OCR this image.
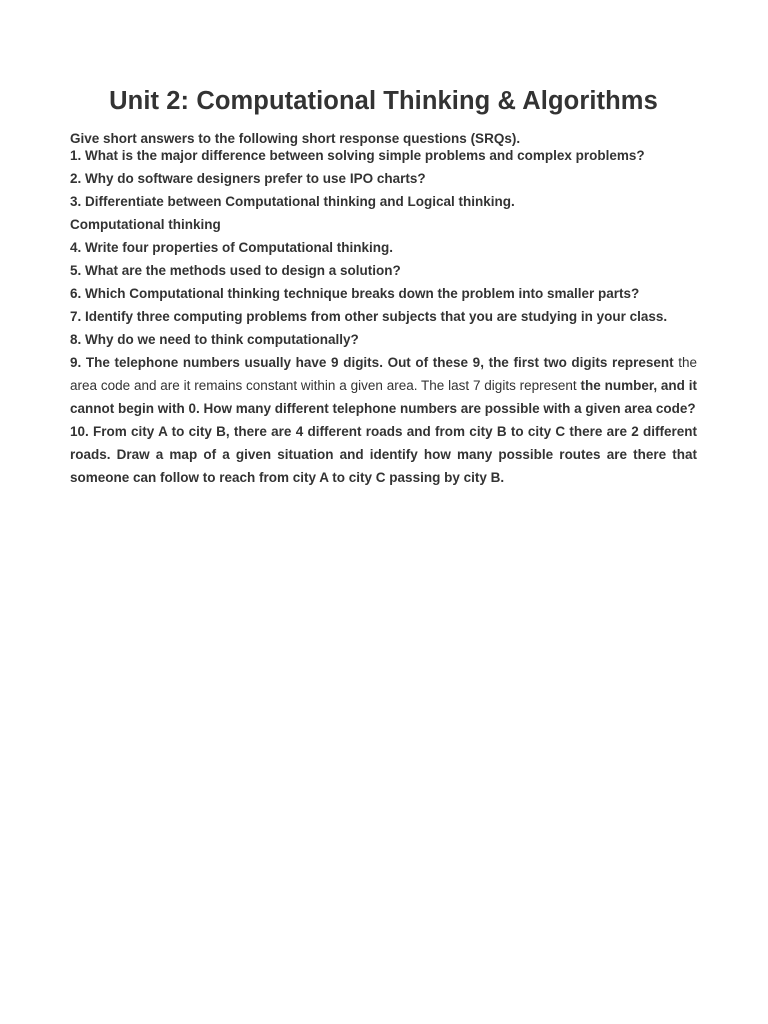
Unit 2: Computational Thinking & Algorithms
Give short answers to the following short response questions (SRQs).
1. What is the major difference between solving simple problems and complex problems?
2. Why do software designers prefer to use IPO charts?
3. Differentiate between Computational thinking and Logical thinking.
Computational thinking
4. Write four properties of Computational thinking.
5. What are the methods used to design a solution?
6. Which Computational thinking technique breaks down the problem into smaller parts?
7. Identify three computing problems from other subjects that you are studying in your class.
8. Why do we need to think computationally?
9. The telephone numbers usually have 9 digits. Out of these 9, the first two digits represent the area code and are it remains constant within a given area. The last 7 digits represent the number, and it cannot begin with 0. How many different telephone numbers are possible with a given area code?
10. From city A to city B, there are 4 different roads and from city B to city C there are 2 different roads. Draw a map of a given situation and identify how many possible routes are there that someone can follow to reach from city A to city C passing by city B.
